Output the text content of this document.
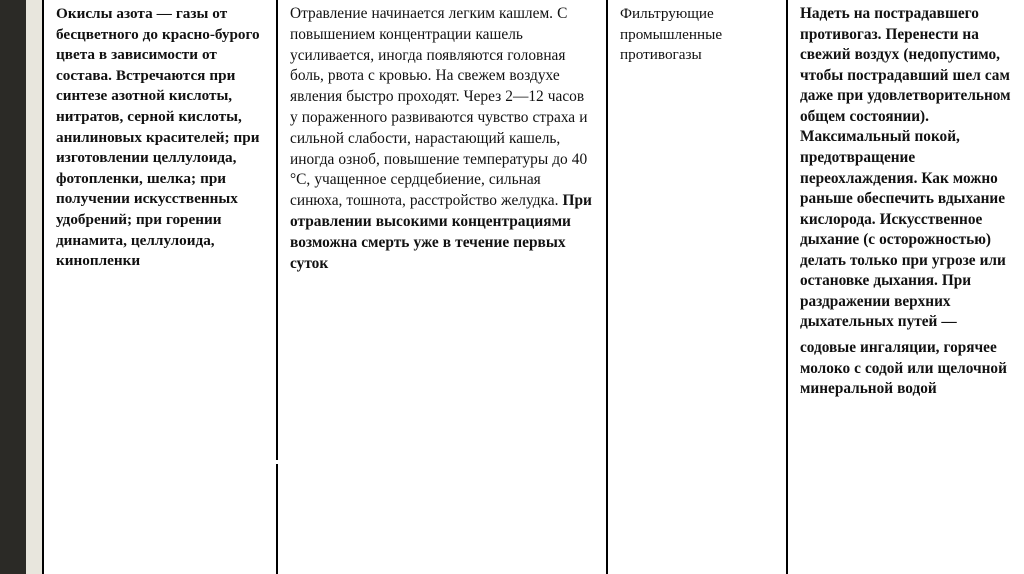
Окислы азота — газы от бесцветного до красно-бурого цвета в зависимости от состава. Встречаются при синтезе азотной кислоты, нитратов, серной кислоты, анилиновых красителей; при изготовлении целлулоида, фотопленки, шелка; при получении искусственных удобрений; при горении динамита, целлулоида, кинопленки

Отравление начинается легким кашлем. С повышением концентрации кашель усиливается, иногда появляются головная боль, рвота с кровью. На свежем воздухе явления быстро проходят. Через 2—12 часов у пораженного развиваются чувство страха и сильной слабости, нарастающий кашель, иногда озноб, повышение температуры до 40 °C, учащенное сердцебиение, сильная синюха, тошнота, расстройство желудка. При отравлении высокими концентрациями возможна смерть уже в течение первых суток

Фильтрующие промышленные противогазы

Надеть на пострадавшего противогаз. Перенести на свежий воздух (недопустимо, чтобы пострадавший шел сам даже при удовлетворительном общем состоянии). Максимальный покой, предотвращение переохлаждения. Как можно раньше обеспечить вдыхание кислорода. Искусственное дыхание (с осторожностью) делать только при угрозе или остановке дыхания. При раздражении верхних дыхательных путей —

содовые ингаляции, горячее молоко с содой или щелочной минеральной водой
